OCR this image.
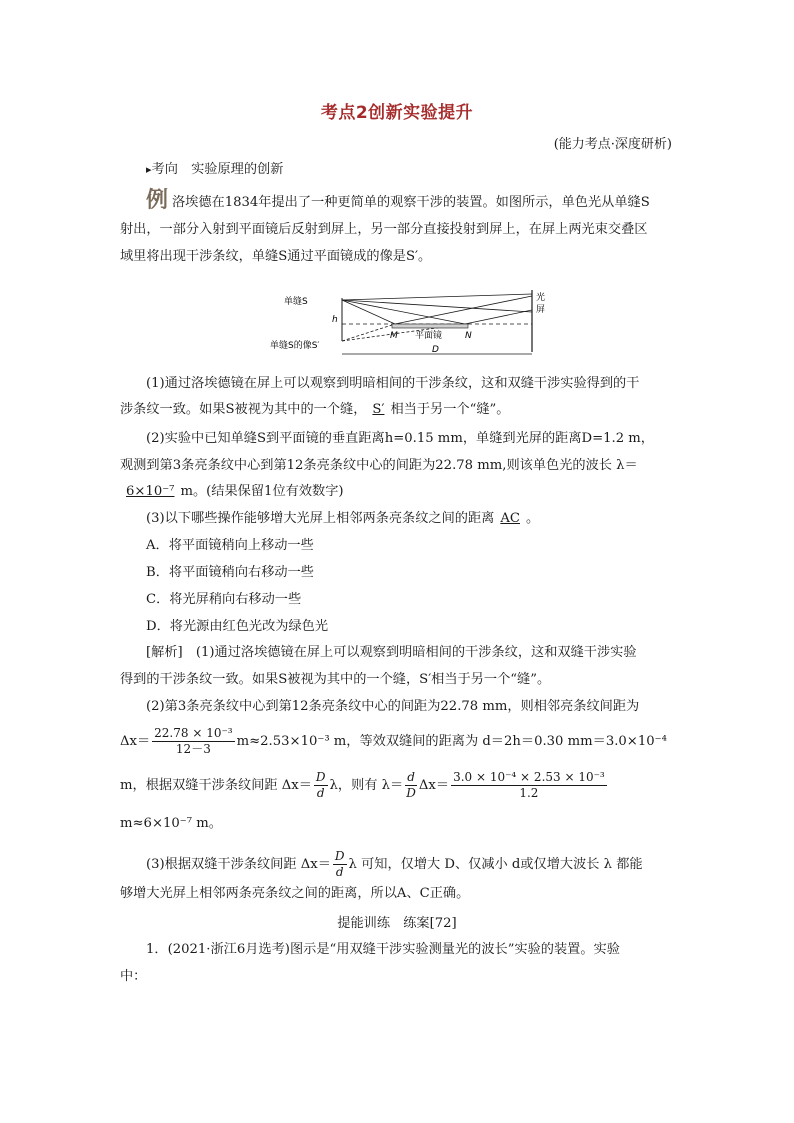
考点2创新实验提升
(能力考点·深度研析)
▸考向　实验原理的创新
例 洛埃德在1834年提出了一种更简单的观察干涉的装置。如图所示，单色光从单缝S
射出，一部分入射到平面镜后反射到屏上，另一部分直接投射到屏上，在屏上两光束交叠区
域里将出现干涉条纹，单缝S通过平面镜成的像是S′。
单缝S
单缝S的像S′
h
M 平面镜	N
光
屏
D
(1)通过洛埃德镜在屏上可以观察到明暗相间的干涉条纹，这和双缝干涉实验得到的干
涉条纹一致。如果S被视为其中的一个缝， S′ 相当于另一个“缝”。
(2)实验中已知单缝S到平面镜的垂直距离h=0.15 mm，单缝到光屏的距离D=1.2 m，
观测到第3条亮条纹中心到第12条亮条纹中心的间距为22.78 mm,则该单色光的波长 λ＝
6×10⁻⁷ m。(结果保留1位有效数字)
(3)以下哪些操作能够增大光屏上相邻两条亮条纹之间的距离 AC 。
A．将平面镜稍向上移动一些
B．将平面镜稍向右移动一些
C．将光屏稍向右移动一些
D．将光源由红色光改为绿色光
[解析]　(1)通过洛埃德镜在屏上可以观察到明暗相间的干涉条纹，这和双缝干涉实验
得到的干涉条纹一致。如果S被视为其中的一个缝，S′相当于另一个“缝”。
(2)第3条亮条纹中心到第12条亮条纹中心的间距为22.78 mm，则相邻亮条纹间距为
$\Delta x= \frac{\text{22.78 × 10⁻³}}{12-3} m\approx 2.53\times 10^{-3}$ m，等效双缝间的距离为 d＝2h＝0.30 mm＝3.0×10⁻⁴
m，根据双缝干涉条纹间距 $\Delta x= \frac{D}{d}$ λ，则有 $\lambda= \frac{d}{D} \Delta x= \frac{\text{3.0 × 10⁻⁴ × 2.53 × 10⁻³}}{1.2}$
m≈6×10⁻⁷ m。
(3)根据双缝干涉条纹间距 $\Delta x= \frac{D}{d}$ λ 可知，仅增大 D、仅减小 d或仅增大波长 λ 都能
够增大光屏上相邻两条亮条纹之间的距离，所以A、C正确。
提能训练　练案[72]
1．(2021·浙江6月选考)图示是“用双缝干涉实验测量光的波长”实验的装置。实验
中：
